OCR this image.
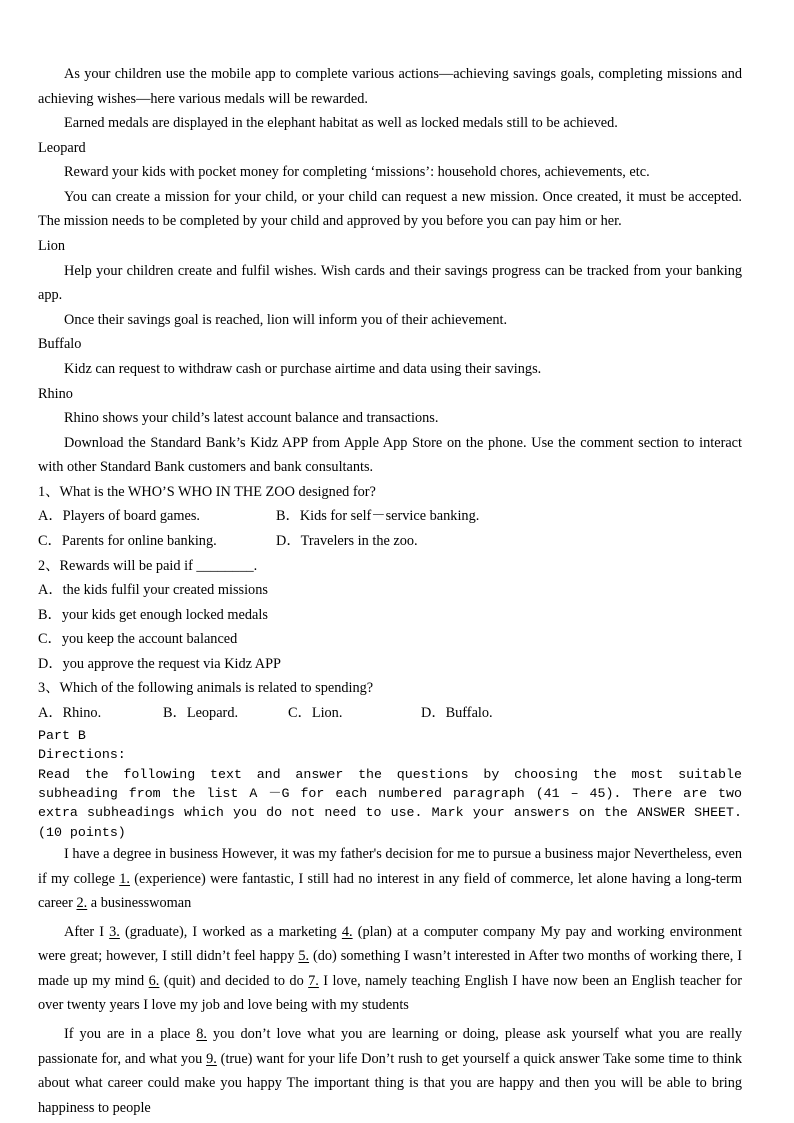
As your children use the mobile app to complete various actions—achieving savings goals, completing missions and achieving wishes—here various medals will be rewarded.

Earned medals are displayed in the elephant habitat as well as locked medals still to be achieved.

Leopard

Reward your kids with pocket money for completing ‘missions’: household chores, achievements, etc.

You can create a mission for your child, or your child can request a new mission. Once created, it must be accepted. The mission needs to be completed by your child and approved by you before you can pay him or her.

Lion

Help your children create and fulfil wishes. Wish cards and their savings progress can be tracked from your banking app.

Once their savings goal is reached, lion will inform you of their achievement.

Buffalo

Kidz can request to withdraw cash or purchase airtime and data using their savings.

Rhino

Rhino shows your child’s latest account balance and transactions.

Download the Standard Bank’s Kidz APP from Apple App Store on the phone. Use the comment section to interact with other Standard Bank customers and bank consultants.

1、What is the WHO’S WHO IN THE ZOO designed for?

A．Players of board games.	B．Kids for self－service banking.
C．Parents for online banking.	D．Travelers in the zoo.

2、Rewards will be paid if ________.

A．the kids fulfil your created missions

B．your kids get enough locked medals

C．you keep the account balanced

D．you approve the request via Kidz APP

3、Which of the following animals is related to spending?

A．Rhino.	B．Leopard.	C．Lion.	D．Buffalo.

Part B

Directions:

Read the following text and answer the questions by choosing the most suitable subheading from the list A －G for each numbered paragraph (41 – 45). There are two extra subheadings which you do not need to use. Mark your answers on the ANSWER SHEET. (10 points)

I have a degree in business However, it was my father's decision for me to pursue a business major Nevertheless, even if my college 1. (experience) were fantastic, I still had no interest in any field of commerce, let alone having a long-term career 2. a businesswoman

After I 3. (graduate), I worked as a marketing 4. (plan) at a computer company My pay and working environment were great; however, I still didn’t feel happy 5. (do) something I wasn’t interested in After two months of working there, I made up my mind 6. (quit) and decided to do 7. I love, namely teaching English I have now been an English teacher for over twenty years I love my job and love being with my students

If you are in a place 8. you don’t love what you are learning or doing, please ask yourself what you are really passionate for, and what you 9. (true) want for your life Don’t rush to get yourself a quick answer Take some time to think about what career could make you happy The important thing is that you are happy and then you will be able to bring happiness to people
